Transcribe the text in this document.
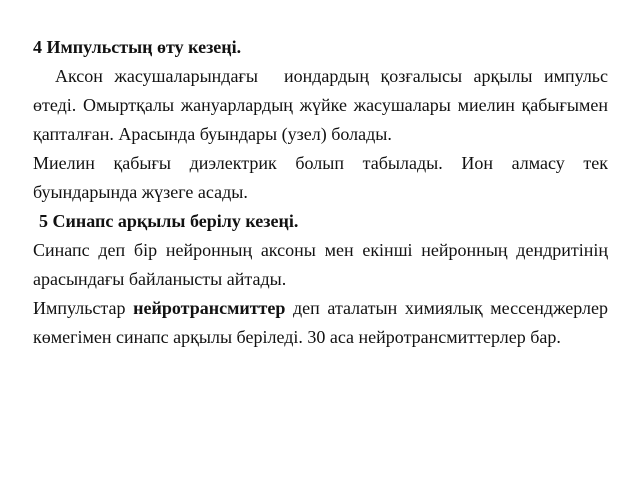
4 Импульстың өту кезеңі.

Аксон жасушаларындағы иондардың қозғалысы арқылы импульс өтеді. Омыртқалы жануарлардың жүйке жасушалары миелин қабығымен қапталған. Арасында буындары (узел) болады.

Миелин қабығы диэлектрик болып табылады. Ион алмасу тек буындарында жүзеге асады.

5 Синапс арқылы берілу кезеңі.

Синапс деп бір нейронның аксоны мен екінші нейронның дендритінің арасындағы байланысты айтады.

Импульстар нейротрансмиттер деп аталатын химиялық мессенджерлер көмегімен синапс арқылы беріледі. 30 аса нейротрансмиттерлер бар.
